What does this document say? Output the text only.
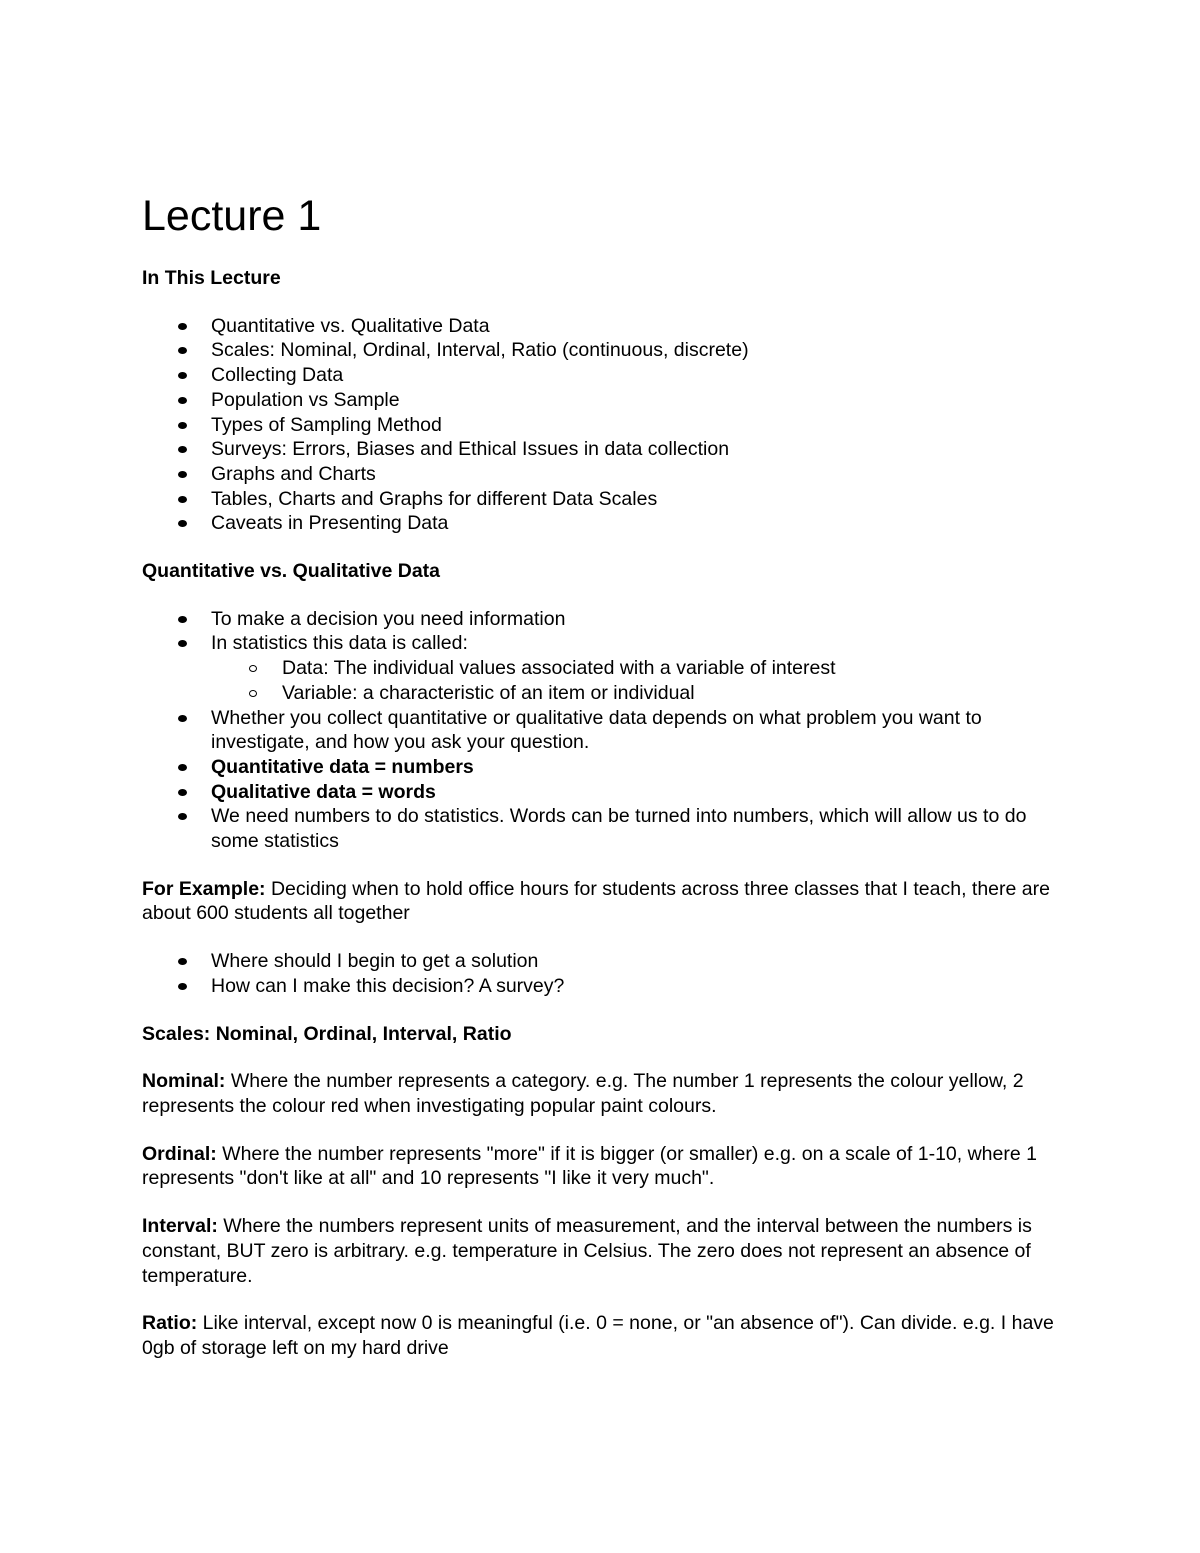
Lecture 1

In This Lecture

Quantitative vs. Qualitative Data
Scales: Nominal, Ordinal, Interval, Ratio (continuous, discrete)
Collecting Data
Population vs Sample
Types of Sampling Method
Surveys: Errors, Biases and Ethical Issues in data collection
Graphs and Charts
Tables, Charts and Graphs for different Data Scales
Caveats in Presenting Data

Quantitative vs. Qualitative Data

To make a decision you need information
In statistics this data is called:
Data: The individual values associated with a variable of interest
Variable: a characteristic of an item or individual
Whether you collect quantitative or qualitative data depends on what problem you want to investigate, and how you ask your question.
Quantitative data = numbers
Qualitative data = words
We need numbers to do statistics. Words can be turned into numbers, which will allow us to do some statistics

For Example: Deciding when to hold office hours for students across three classes that I teach, there are about 600 students all together

Where should I begin to get a solution
How can I make this decision? A survey?

Scales: Nominal, Ordinal, Interval, Ratio

Nominal: Where the number represents a category. e.g. The number 1 represents the colour yellow, 2 represents the colour red when investigating popular paint colours.

Ordinal: Where the number represents "more" if it is bigger (or smaller) e.g. on a scale of 1-10, where 1 represents "don't like at all" and 10 represents "I like it very much".

Interval: Where the numbers represent units of measurement, and the interval between the numbers is constant, BUT zero is arbitrary. e.g. temperature in Celsius. The zero does not represent an absence of temperature.

Ratio: Like interval, except now 0 is meaningful (i.e. 0 = none, or "an absence of"). Can divide. e.g. I have 0gb of storage left on my hard drive
